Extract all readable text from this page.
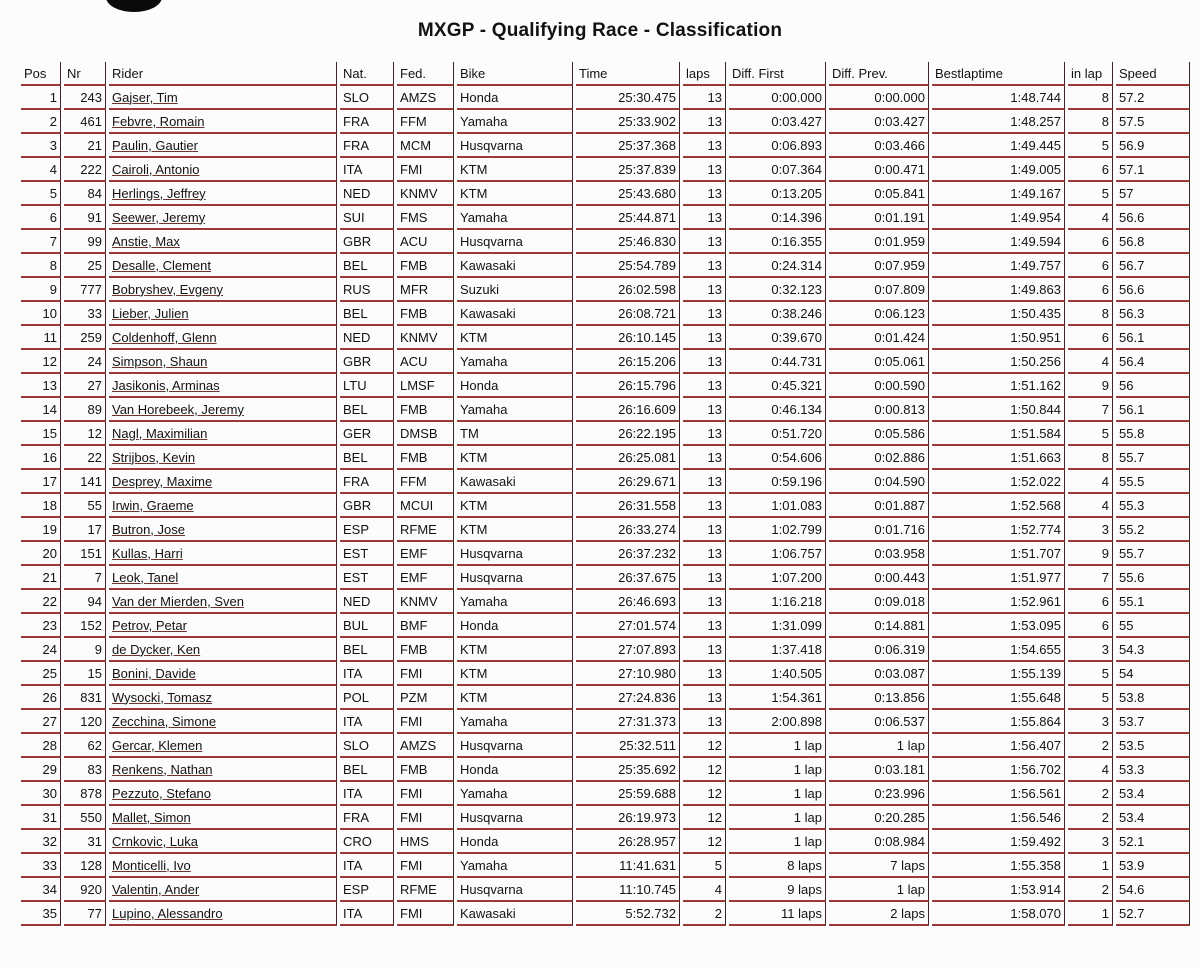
MXGP - Qualifying Race - Classification
Pos	Nr	Rider	Nat.	Fed.	Bike	Time	laps	Diff. First	Diff. Prev.	Bestlaptime	in lap	Speed
1	243	Gajser, Tim	SLO	AMZS	Honda	25:30.475	13	0:00.000	0:00.000	1:48.744	8	57.2
2	461	Febvre, Romain	FRA	FFM	Yamaha	25:33.902	13	0:03.427	0:03.427	1:48.257	8	57.5
3	21	Paulin, Gautier	FRA	MCM	Husqvarna	25:37.368	13	0:06.893	0:03.466	1:49.445	5	56.9
4	222	Cairoli, Antonio	ITA	FMI	KTM	25:37.839	13	0:07.364	0:00.471	1:49.005	6	57.1
5	84	Herlings, Jeffrey	NED	KNMV	KTM	25:43.680	13	0:13.205	0:05.841	1:49.167	5	57
6	91	Seewer, Jeremy	SUI	FMS	Yamaha	25:44.871	13	0:14.396	0:01.191	1:49.954	4	56.6
7	99	Anstie, Max	GBR	ACU	Husqvarna	25:46.830	13	0:16.355	0:01.959	1:49.594	6	56.8
8	25	Desalle, Clement	BEL	FMB	Kawasaki	25:54.789	13	0:24.314	0:07.959	1:49.757	6	56.7
9	777	Bobryshev, Evgeny	RUS	MFR	Suzuki	26:02.598	13	0:32.123	0:07.809	1:49.863	6	56.6
10	33	Lieber, Julien	BEL	FMB	Kawasaki	26:08.721	13	0:38.246	0:06.123	1:50.435	8	56.3
11	259	Coldenhoff, Glenn	NED	KNMV	KTM	26:10.145	13	0:39.670	0:01.424	1:50.951	6	56.1
12	24	Simpson, Shaun	GBR	ACU	Yamaha	26:15.206	13	0:44.731	0:05.061	1:50.256	4	56.4
13	27	Jasikonis, Arminas	LTU	LMSF	Honda	26:15.796	13	0:45.321	0:00.590	1:51.162	9	56
14	89	Van Horebeek, Jeremy	BEL	FMB	Yamaha	26:16.609	13	0:46.134	0:00.813	1:50.844	7	56.1
15	12	Nagl, Maximilian	GER	DMSB	TM	26:22.195	13	0:51.720	0:05.586	1:51.584	5	55.8
16	22	Strijbos, Kevin	BEL	FMB	KTM	26:25.081	13	0:54.606	0:02.886	1:51.663	8	55.7
17	141	Desprey, Maxime	FRA	FFM	Kawasaki	26:29.671	13	0:59.196	0:04.590	1:52.022	4	55.5
18	55	Irwin, Graeme	GBR	MCUI	KTM	26:31.558	13	1:01.083	0:01.887	1:52.568	4	55.3
19	17	Butron, Jose	ESP	RFME	KTM	26:33.274	13	1:02.799	0:01.716	1:52.774	3	55.2
20	151	Kullas, Harri	EST	EMF	Husqvarna	26:37.232	13	1:06.757	0:03.958	1:51.707	9	55.7
21	7	Leok, Tanel	EST	EMF	Husqvarna	26:37.675	13	1:07.200	0:00.443	1:51.977	7	55.6
22	94	Van der Mierden, Sven	NED	KNMV	Yamaha	26:46.693	13	1:16.218	0:09.018	1:52.961	6	55.1
23	152	Petrov, Petar	BUL	BMF	Honda	27:01.574	13	1:31.099	0:14.881	1:53.095	6	55
24	9	de Dycker, Ken	BEL	FMB	KTM	27:07.893	13	1:37.418	0:06.319	1:54.655	3	54.3
25	15	Bonini, Davide	ITA	FMI	KTM	27:10.980	13	1:40.505	0:03.087	1:55.139	5	54
26	831	Wysocki, Tomasz	POL	PZM	KTM	27:24.836	13	1:54.361	0:13.856	1:55.648	5	53.8
27	120	Zecchina, Simone	ITA	FMI	Yamaha	27:31.373	13	2:00.898	0:06.537	1:55.864	3	53.7
28	62	Gercar, Klemen	SLO	AMZS	Husqvarna	25:32.511	12	1 lap	1 lap	1:56.407	2	53.5
29	83	Renkens, Nathan	BEL	FMB	Honda	25:35.692	12	1 lap	0:03.181	1:56.702	4	53.3
30	878	Pezzuto, Stefano	ITA	FMI	Yamaha	25:59.688	12	1 lap	0:23.996	1:56.561	2	53.4
31	550	Mallet, Simon	FRA	FMI	Husqvarna	26:19.973	12	1 lap	0:20.285	1:56.546	2	53.4
32	31	Crnkovic, Luka	CRO	HMS	Honda	26:28.957	12	1 lap	0:08.984	1:59.492	3	52.1
33	128	Monticelli, Ivo	ITA	FMI	Yamaha	11:41.631	5	8 laps	7 laps	1:55.358	1	53.9
34	920	Valentin, Ander	ESP	RFME	Husqvarna	11:10.745	4	9 laps	1 lap	1:53.914	2	54.6
35	77	Lupino, Alessandro	ITA	FMI	Kawasaki	5:52.732	2	11 laps	2 laps	1:58.070	1	52.7
